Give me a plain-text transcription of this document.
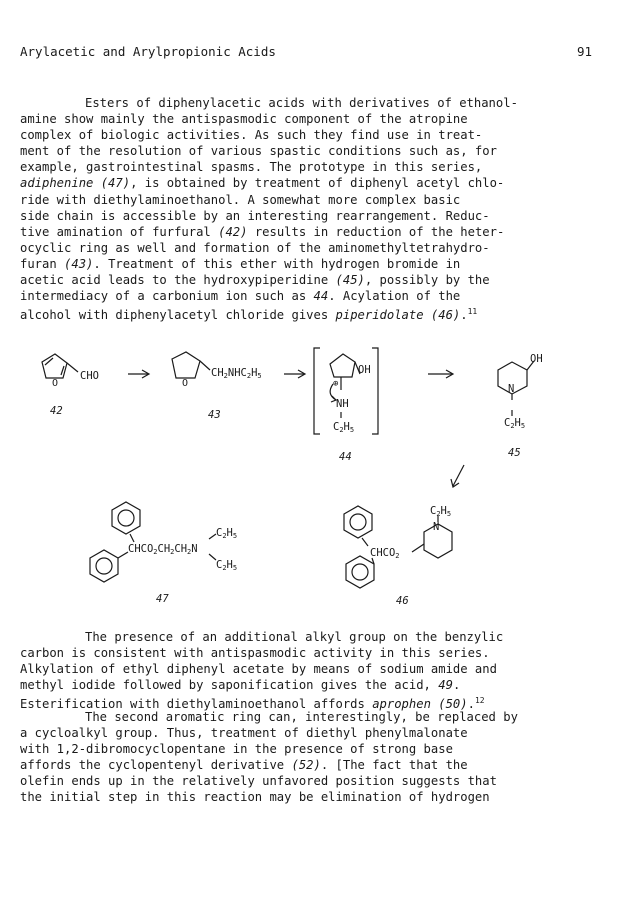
Arylacetic and Arylpropionic Acids	91
Esters of diphenylacetic acids with derivatives of ethanol-
amine show mainly the antispasmodic component of the atropine
complex of biologic activities. As such they find use in treat-
ment of the resolution of various spastic conditions such as, for
example, gastrointestinal spasms. The prototype in this series,
adiphenine (47), is obtained by treatment of diphenyl acetyl chlo-
ride with diethylaminoethanol. A somewhat more complex basic
side chain is accessible by an interesting rearrangement. Reduc-
tive amination of furfural (42) results in reduction of the heter-
ocyclic ring as well and formation of the aminomethyltetrahydro-
furan (43). Treatment of this ether with hydrogen bromide in
acetic acid leads to the hydroxypiperidine (45), possibly by the
intermediacy of a carbonium ion such as 44. Acylation of the
alcohol with diphenylacetyl chloride gives piperidolate (46).$^{11}$
O
CHO
42
O
CH2NHC2H5
43
OH
⊕
NH
C2H5
44
OH
N
C2H5
45
CHCO2CH2CH2N
C2H5
C2H5
47
C2H5
N
CHCO2
46
The presence of an additional alkyl group on the benzylic
carbon is consistent with antispasmodic activity in this series.
Alkylation of ethyl diphenyl acetate by means of sodium amide and
methyl iodide followed by saponification gives the acid, 49.
Esterification with diethylaminoethanol affords aprophen (50).$^{12}$
The second aromatic ring can, interestingly, be replaced by
a cycloalkyl group. Thus, treatment of diethyl phenylmalonate
with 1,2-dibromocyclopentane in the presence of strong base
affords the cyclopentenyl derivative (52). [The fact that the
olefin ends up in the relatively unfavored position suggests that
the initial step in this reaction may be elimination of hydrogen
